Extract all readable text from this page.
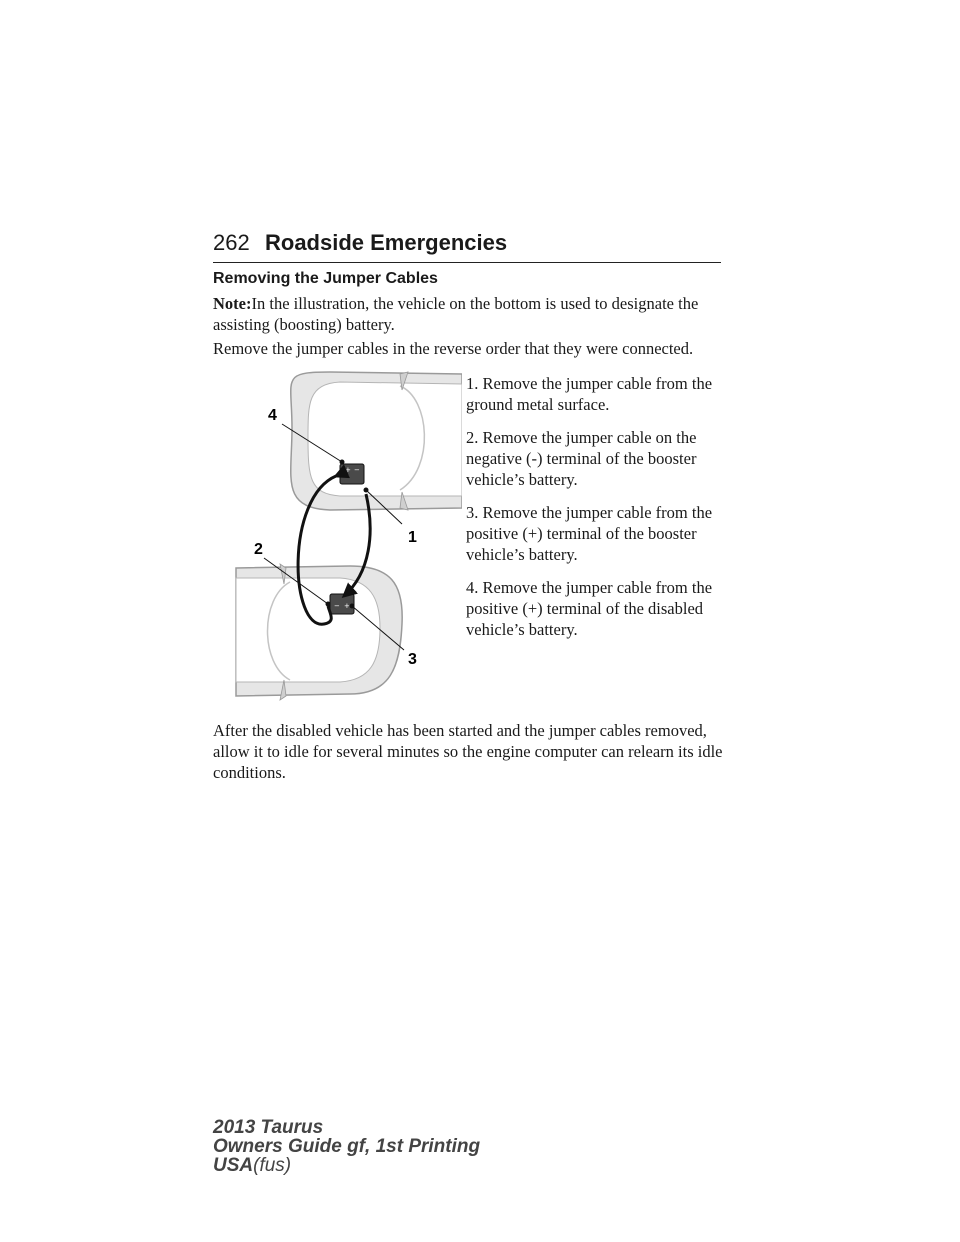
262 Roadside Emergencies
Removing the Jumper Cables
Note:In the illustration, the vehicle on the bottom is used to designate the assisting (boosting) battery.
Remove the jumper cables in the reverse order that they were connected.

1. Remove the jumper cable from the ground metal surface.

2. Remove the jumper cable on the negative (-) terminal of the booster vehicle’s battery.

3. Remove the jumper cable from the positive (+) terminal of the booster vehicle’s battery.

4. Remove the jumper cable from the positive (+) terminal of the disabled vehicle’s battery.

+ −
− +
4
1
2
3
After the disabled vehicle has been started and the jumper cables removed, allow it to idle for several minutes so the engine computer can relearn its idle conditions.
2013 Taurus
Owners Guide gf, 1st Printing
USA(fus)
